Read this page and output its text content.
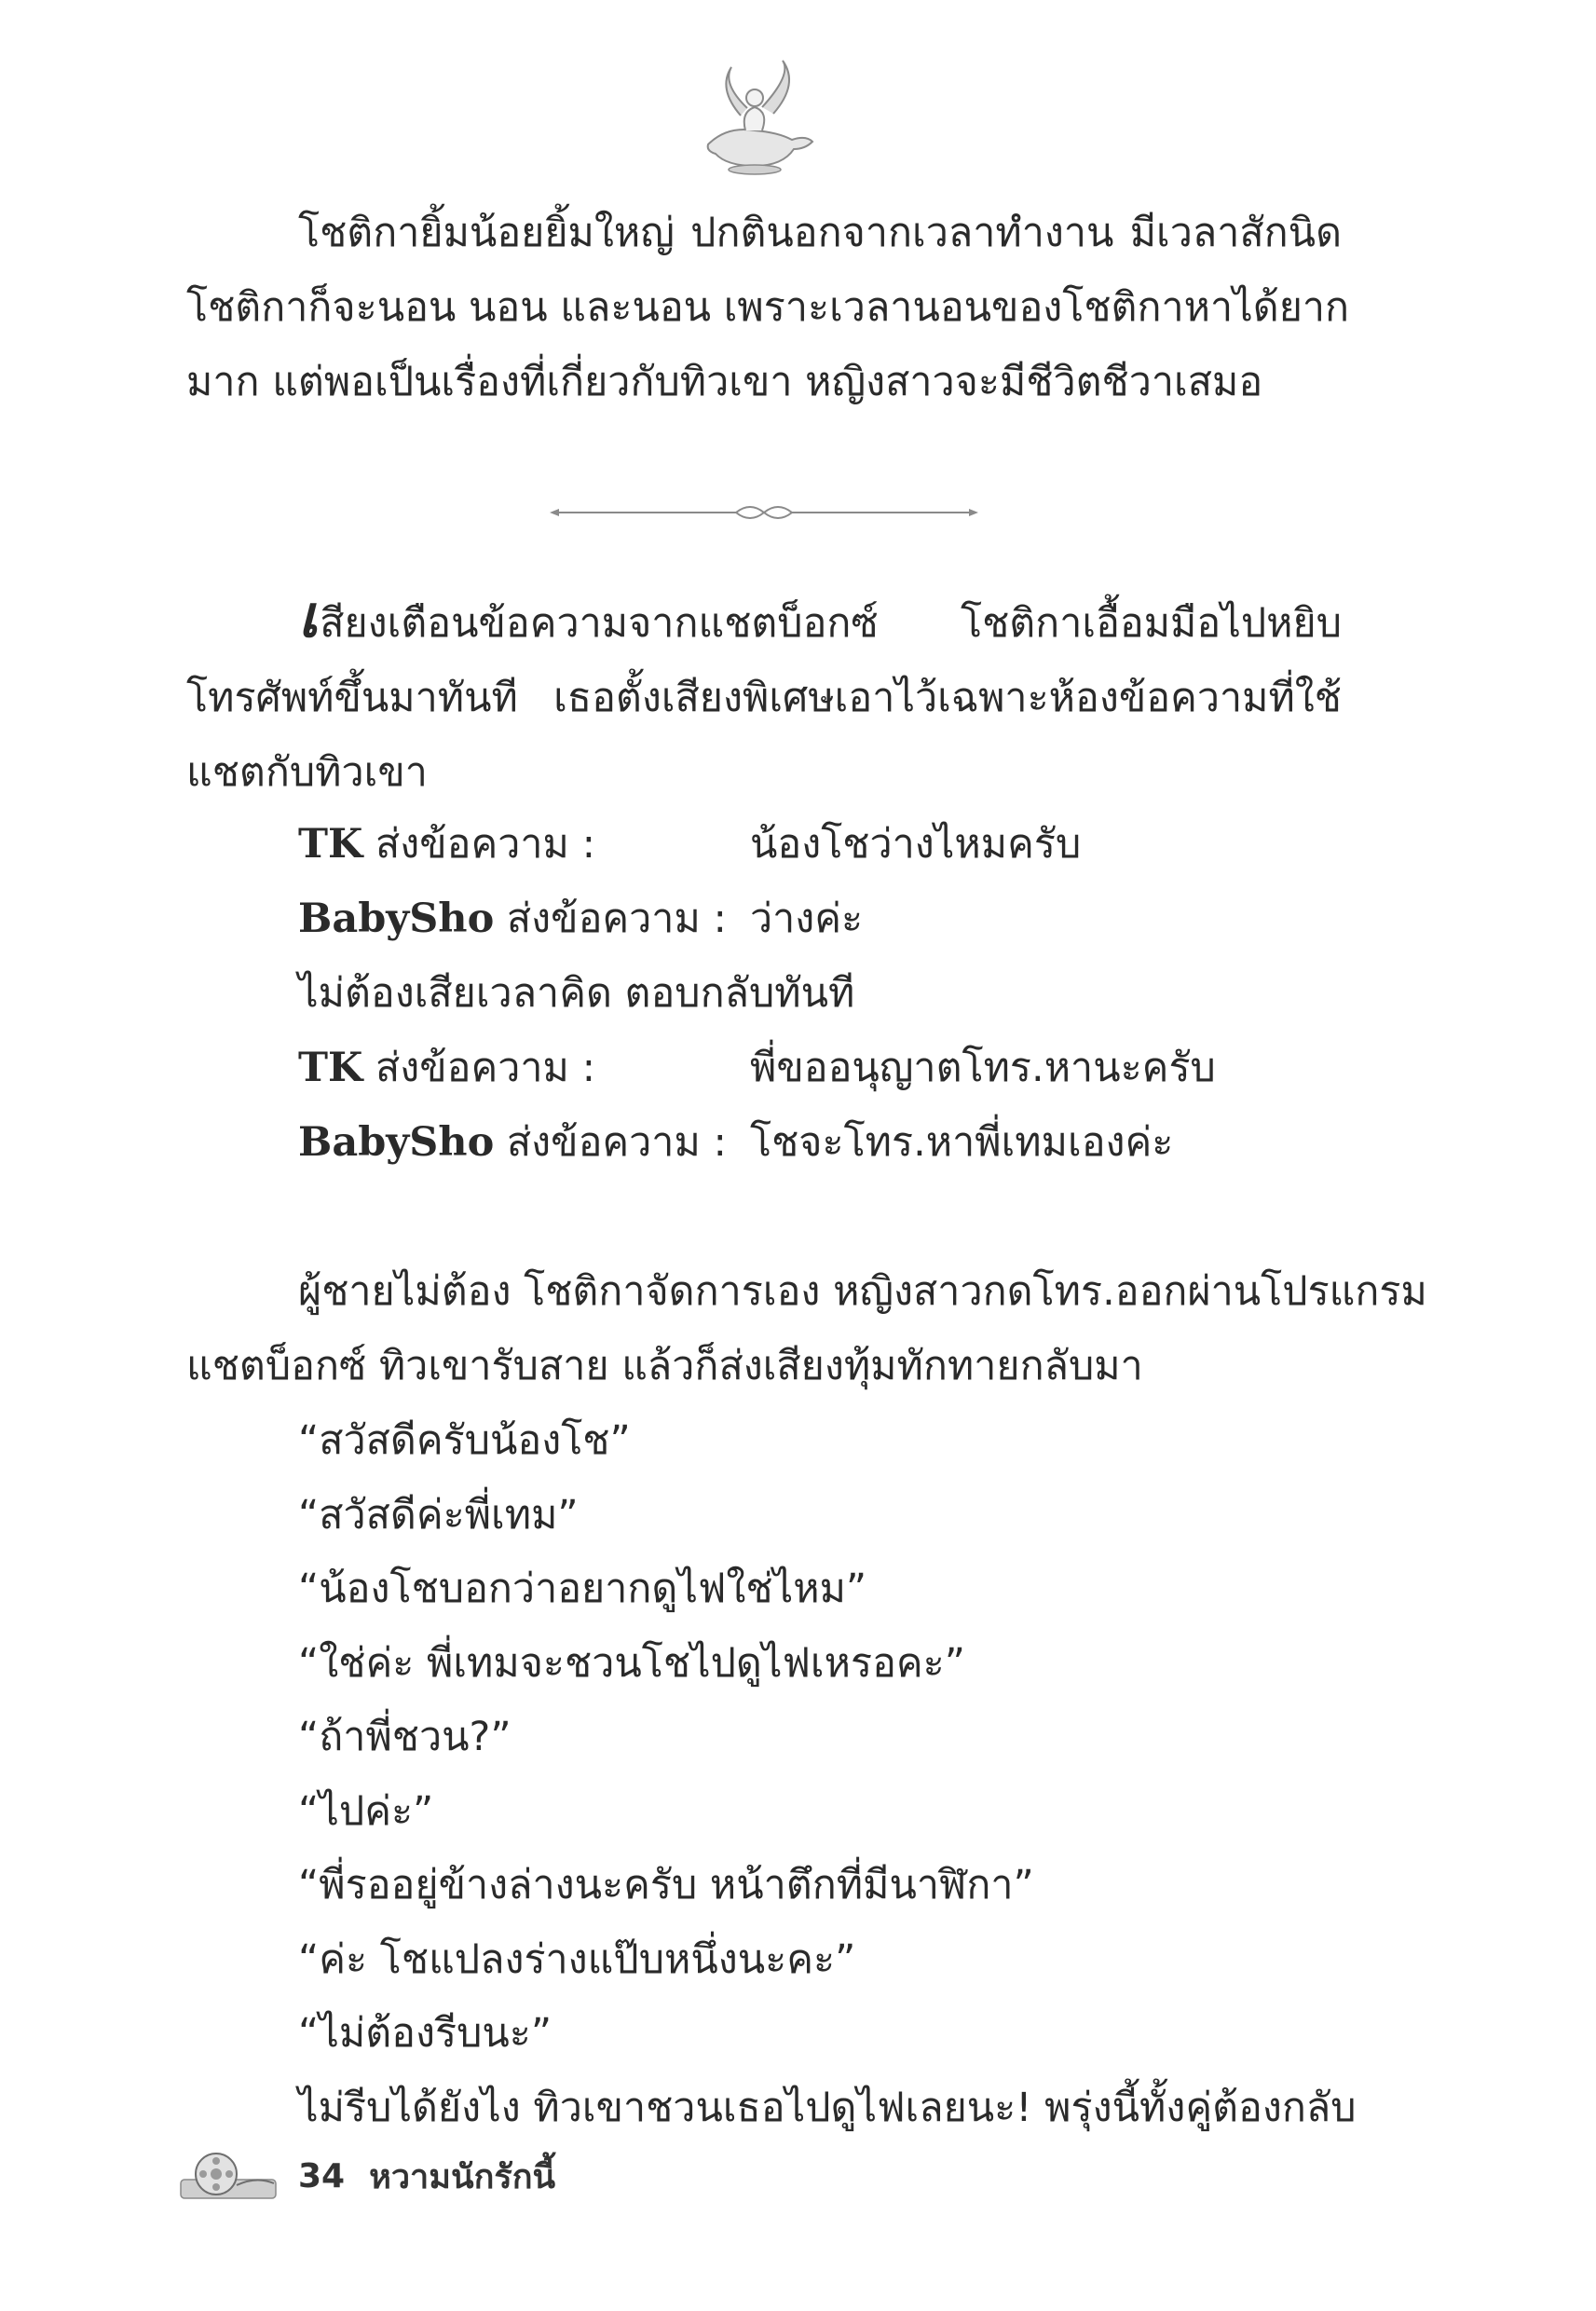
โชติกายิ้มน้อยยิ้มใหญ่ ปกตินอกจากเวลาทำงาน มีเวลาสักนิด
โชติกาก็จะนอน นอน และนอน เพราะเวลานอนของโชติกาหาได้ยาก
มาก แต่พอเป็นเรื่องที่เกี่ยวกับทิวเขา หญิงสาวจะมีชีวิตชีวาเสมอ
เสียงเตือนข้อความจากแชตบ็อกซ์ โชติกาเอื้อมมือไปหยิบ
โทรศัพท์ขึ้นมาทันที เธอตั้งเสียงพิเศษเอาไว้เฉพาะห้องข้อความที่ใช้
แชตกับทิวเขา
TK ส่งข้อความ :	น้องโชว่างไหมครับ
BabySho ส่งข้อความ : ว่างค่ะ
ไม่ต้องเสียเวลาคิด ตอบกลับทันที
TK ส่งข้อความ :	พี่ขออนุญาตโทร.หานะครับ
BabySho ส่งข้อความ : โชจะโทร.หาพี่เทมเองค่ะ
ผู้ชายไม่ต้อง โชติกาจัดการเอง หญิงสาวกดโทร.ออกผ่านโปรแกรม
แชตบ็อกซ์ ทิวเขารับสาย แล้วก็ส่งเสียงทุ้มทักทายกลับมา
“สวัสดีครับน้องโช”
“สวัสดีค่ะพี่เทม”
“น้องโชบอกว่าอยากดูไฟใช่ไหม”
“ใช่ค่ะ พี่เทมจะชวนโชไปดูไฟเหรอคะ”
“ถ้าพี่ชวน?”
“ไปค่ะ”
“พี่รออยู่ข้างล่างนะครับ หน้าตึกที่มีนาฬิกา”
“ค่ะ โชแปลงร่างแป๊บหนึ่งนะคะ”
“ไม่ต้องรีบนะ”
ไม่รีบได้ยังไง ทิวเขาชวนเธอไปดูไฟเลยนะ! พรุ่งนี้ทั้งคู่ต้องกลับ
34 หวามนักรักนี้
